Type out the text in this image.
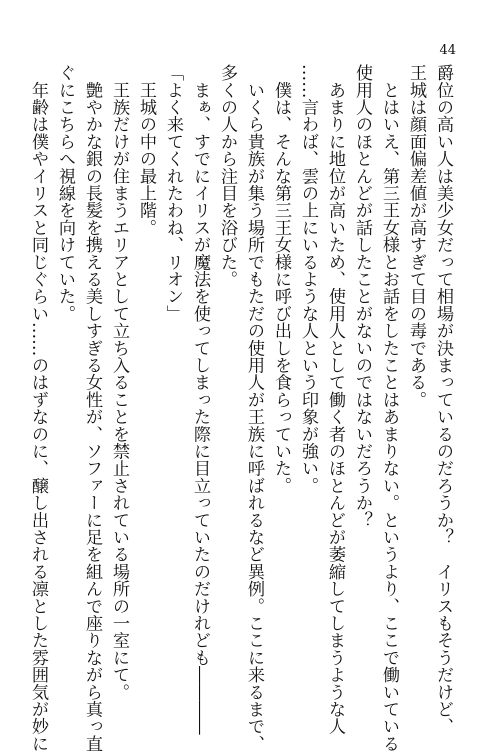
44
爵位の高い人は美少女だって相場が決まっているのだろうか？　イリスもそうだけど、
王城は顔面偏差値が高すぎて目の毒である。
　とはいえ、第三王女様とお話をしたことはあまりない。というより、ここで働いている
使用人のほとんどが話したことがないのではないだろうか？
　あまりに地位が高いため、使用人として働く者のほとんどが萎縮してしまうような人
……言わば、雲の上にいるような人という印象が強い。
　僕は、そんな第三王女様に呼び出しを食らっていた。
　いくら貴族が集う場所でもただの使用人が王族に呼ばれるなど異例。ここに来るまで、
多くの人から注目を浴びた。
　まぁ、すでにイリスが魔法を使ってしまった際に目立っていたのだけれども――――
「よく来てくれたわね、リオン」
　王城の中の最上階。
　王族だけが住まうエリアとして立ち入ることを禁止されている場所の一室にて。
　艶やかな銀の長髪を携える美しすぎる女性が、ソファーに足を組んで座りながら真っ直
ぐにこちらへ視線を向けていた。
　年齢は僕やイリスと同じぐらい……のはずなのに、醸し出される凛とした雰囲気が妙に
